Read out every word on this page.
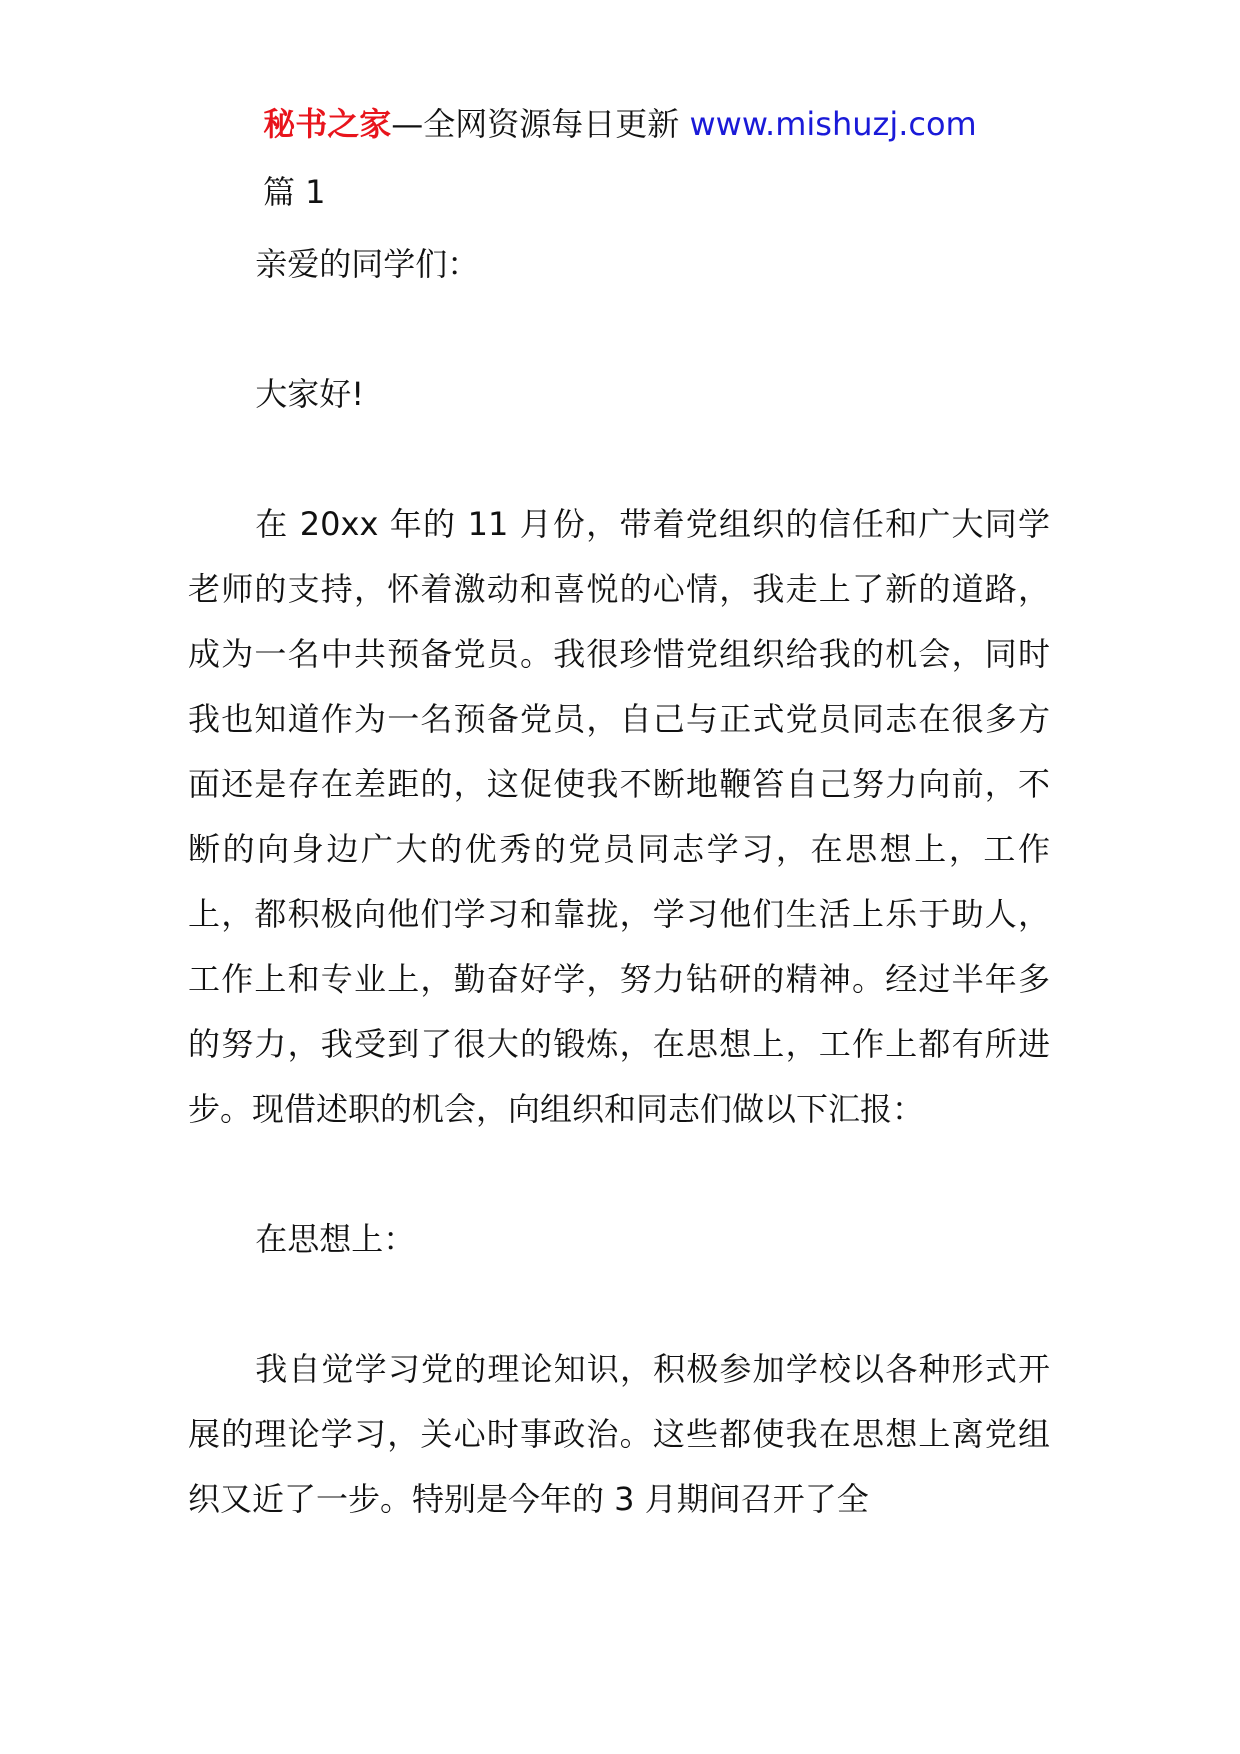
秘书之家—全网资源每日更新 www.mishuzj.com
篇 1

亲爱的同学们：

大家好!

在 20xx 年的 11 月份，带着党组织的信任和广大同学老师的支持，怀着激动和喜悦的心情，我走上了新的道路，成为一名中共预备党员。我很珍惜党组织给我的机会，同时我也知道作为一名预备党员，自己与正式党员同志在很多方面还是存在差距的，这促使我不断地鞭笞自己努力向前，不断的向身边广大的优秀的党员同志学习，在思想上，工作上，都积极向他们学习和靠拢，学习他们生活上乐于助人，工作上和专业上，勤奋好学，努力钻研的精神。经过半年多的努力，我受到了很大的锻炼，在思想上，工作上都有所进步。现借述职的机会，向组织和同志们做以下汇报：

在思想上：

我自觉学习党的理论知识，积极参加学校以各种形式开展的理论学习，关心时事政治。这些都使我在思想上离党组织又近了一步。特别是今年的 3 月期间召开了全
